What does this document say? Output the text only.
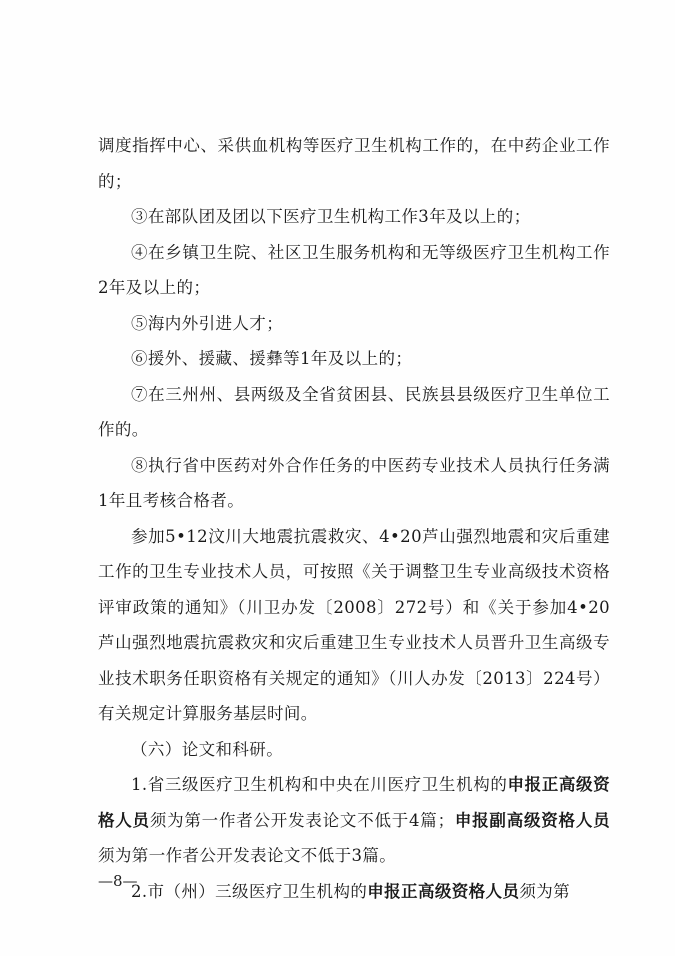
调度指挥中心、采供血机构等医疗卫生机构工作的，在中药企业工作的；

③在部队团及团以下医疗卫生机构工作3年及以上的；

④在乡镇卫生院、社区卫生服务机构和无等级医疗卫生机构工作2年及以上的；

⑤海内外引进人才；

⑥援外、援藏、援彝等1年及以上的；

⑦在三州州、县两级及全省贫困县、民族县县级医疗卫生单位工作的。

⑧执行省中医药对外合作任务的中医药专业技术人员执行任务满1年且考核合格者。

参加5•12汶川大地震抗震救灾、4•20芦山强烈地震和灾后重建工作的卫生专业技术人员，可按照《关于调整卫生专业高级技术资格评审政策的通知》（川卫办发〔2008〕272号）和《关于参加4•20芦山强烈地震抗震救灾和灾后重建卫生专业技术人员晋升卫生高级专业技术职务任职资格有关规定的通知》（川人办发〔2013〕224号）有关规定计算服务基层时间。

（六）论文和科研。

1.省三级医疗卫生机构和中央在川医疗卫生机构的申报正高级资格人员须为第一作者公开发表论文不低于4篇；申报副高级资格人员须为第一作者公开发表论文不低于3篇。

2.市（州）三级医疗卫生机构的申报正高级资格人员须为第

—8—
